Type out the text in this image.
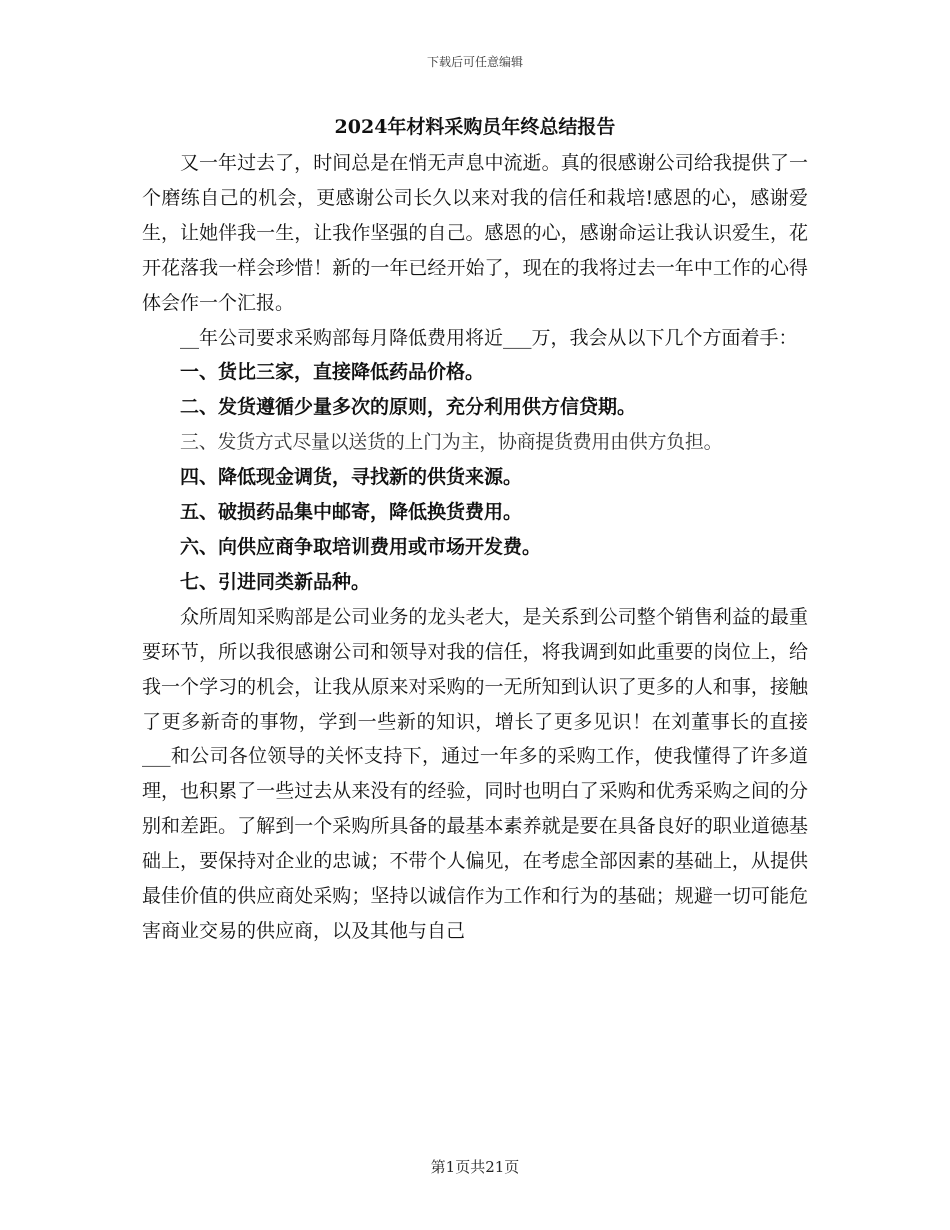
下载后可任意编辑
2024年材料采购员年终总结报告

又一年过去了，时间总是在悄无声息中流逝。真的很感谢公司给我提供了一个磨练自己的机会，更感谢公司长久以来对我的信任和栽培!感恩的心，感谢爱生，让她伴我一生，让我作坚强的自己。感恩的心，感谢命运让我认识爱生，花开花落我一样会珍惜！新的一年已经开始了，现在的我将过去一年中工作的心得体会作一个汇报。

__年公司要求采购部每月降低费用将近___万，我会从以下几个方面着手：

一、货比三家，直接降低药品价格。

二、发货遵循少量多次的原则，充分利用供方信贷期。

三、发货方式尽量以送货的上门为主，协商提货费用由供方负担。

四、降低现金调货，寻找新的供货来源。

五、破损药品集中邮寄，降低换货费用。

六、向供应商争取培训费用或市场开发费。

七、引进同类新品种。

众所周知采购部是公司业务的龙头老大，是关系到公司整个销售利益的最重要环节，所以我很感谢公司和领导对我的信任，将我调到如此重要的岗位上，给我一个学习的机会，让我从原来对采购的一无所知到认识了更多的人和事，接触了更多新奇的事物，学到一些新的知识，增长了更多见识！在刘董事长的直接___和公司各位领导的关怀支持下，通过一年多的采购工作，使我懂得了许多道理，也积累了一些过去从来没有的经验，同时也明白了采购和优秀采购之间的分别和差距。了解到一个采购所具备的最基本素养就是要在具备良好的职业道德基础上，要保持对企业的忠诚；不带个人偏见，在考虑全部因素的基础上，从提供最佳价值的供应商处采购；坚持以诚信作为工作和行为的基础；规避一切可能危害商业交易的供应商，以及其他与自己

第1页共21页
